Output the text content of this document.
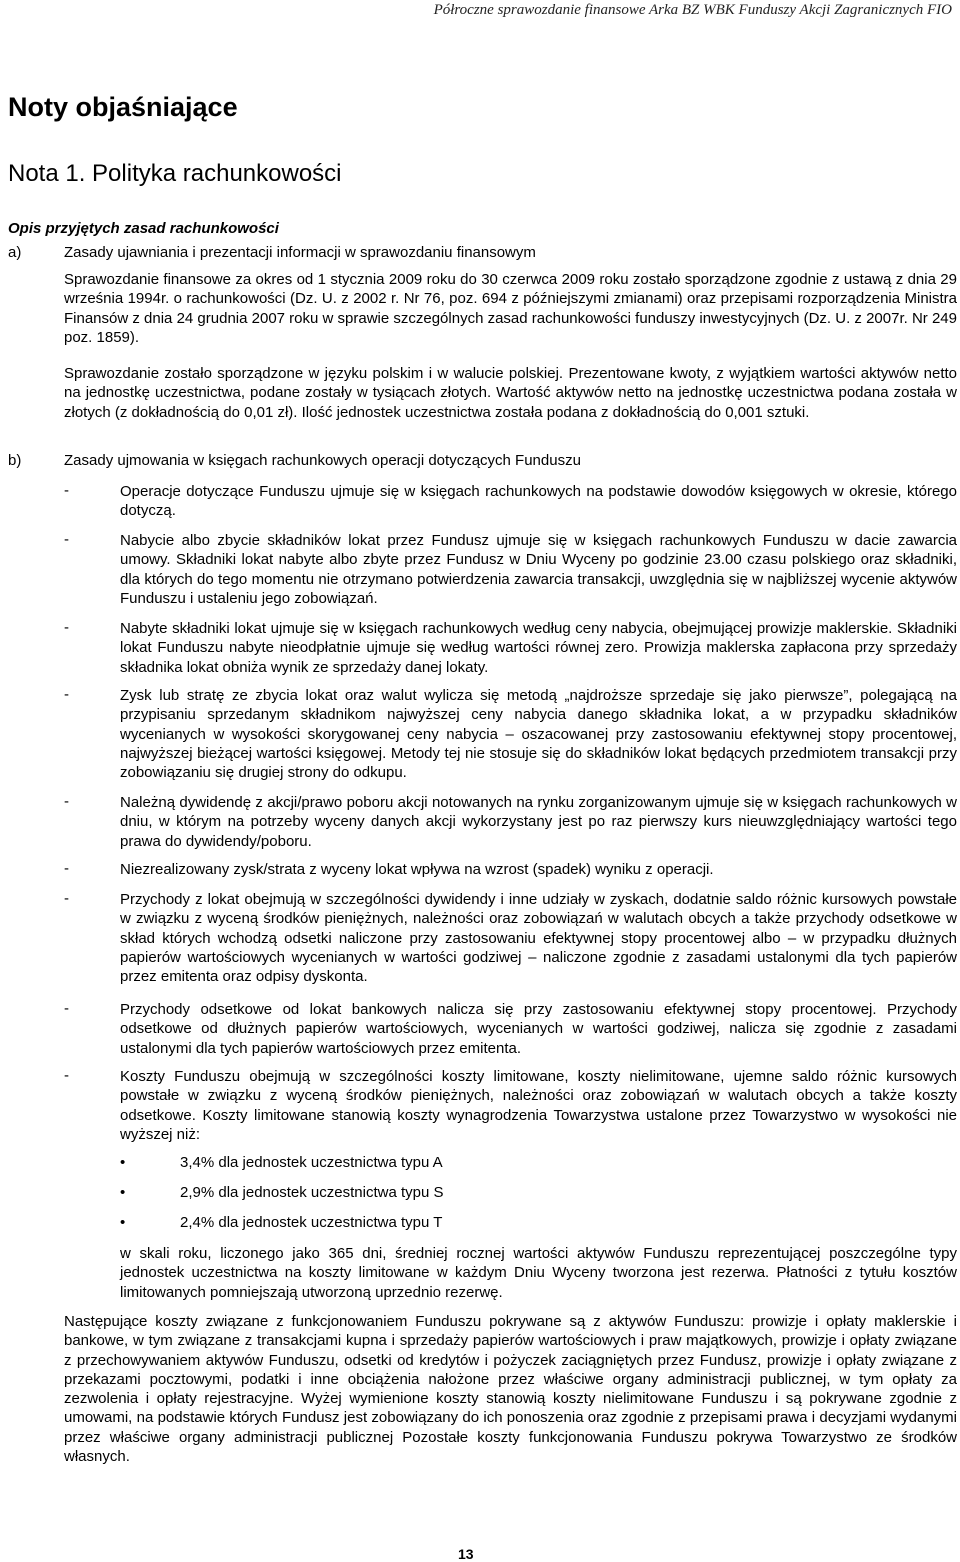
Półroczne sprawozdanie finansowe Arka BZ WBK Funduszy Akcji Zagranicznych FIO
Noty objaśniające
Nota 1. Polityka rachunkowości
Opis przyjętych zasad rachunkowości
a)	Zasady ujawniania i prezentacji informacji w sprawozdaniu finansowym

Sprawozdanie finansowe za okres od 1 stycznia 2009 roku do 30 czerwca 2009 roku zostało sporządzone zgodnie z ustawą z dnia 29 września 1994r. o rachunkowości (Dz. U. z 2002 r. Nr 76, poz. 694 z późniejszymi zmianami) oraz przepisami rozporządzenia Ministra Finansów z dnia 24 grudnia 2007 roku w sprawie szczególnych zasad rachunkowości funduszy inwestycyjnych (Dz. U. z 2007r. Nr 249 poz. 1859).

Sprawozdanie zostało sporządzone w języku polskim i w walucie polskiej. Prezentowane kwoty, z wyjątkiem wartości aktywów netto na jednostkę uczestnictwa, podane zostały w tysiącach złotych. Wartość aktywów netto na jednostkę uczestnictwa podana została w złotych (z dokładnością do 0,01 zł). Ilość jednostek uczestnictwa została podana z dokładnością do 0,001 sztuki.

b)	Zasady ujmowania w księgach rachunkowych operacji dotyczących Funduszu
-	Operacje dotyczące Funduszu ujmuje się w księgach rachunkowych na podstawie dowodów księgowych w okresie, którego dotyczą.

-	Nabycie albo zbycie składników lokat przez Fundusz ujmuje się w księgach rachunkowych Funduszu w dacie zawarcia umowy. Składniki lokat nabyte albo zbyte przez Fundusz w Dniu Wyceny po godzinie 23.00 czasu polskiego oraz składniki, dla których do tego momentu nie otrzymano potwierdzenia zawarcia transakcji, uwzględnia się w najbliższej wycenie aktywów Funduszu i ustaleniu jego zobowiązań.

-	Nabyte składniki lokat ujmuje się w księgach rachunkowych według ceny nabycia, obejmującej prowizje maklerskie. Składniki lokat Funduszu nabyte nieodpłatnie ujmuje się według wartości równej zero. Prowizja maklerska zapłacona przy sprzedaży składnika lokat obniża wynik ze sprzedaży danej lokaty.

-	Zysk lub stratę ze zbycia lokat oraz walut wylicza się metodą „najdroższe sprzedaje się jako pierwsze”, polegającą na przypisaniu sprzedanym składnikom najwyższej ceny nabycia danego składnika lokat, a w przypadku składników wycenianych w wysokości skorygowanej ceny nabycia – oszacowanej przy zastosowaniu efektywnej stopy procentowej, najwyższej bieżącej wartości księgowej. Metody tej nie stosuje się do składników lokat będących przedmiotem transakcji przy zobowiązaniu się drugiej strony do odkupu.

-	Należną dywidendę z akcji/prawo poboru akcji notowanych na rynku zorganizowanym ujmuje się w księgach rachunkowych w dniu, w którym na potrzeby wyceny danych akcji wykorzystany jest po raz pierwszy kurs nieuwzględniający wartości tego prawa do dywidendy/poboru.

-	Niezrealizowany zysk/strata z wyceny lokat wpływa na wzrost (spadek) wyniku z operacji.

-	Przychody z lokat obejmują w szczególności dywidendy i inne udziały w zyskach, dodatnie saldo różnic kursowych powstałe w związku z wyceną środków pieniężnych, należności oraz zobowiązań w walutach obcych a także przychody odsetkowe w skład których wchodzą odsetki naliczone przy zastosowaniu efektywnej stopy procentowej albo – w przypadku dłużnych papierów wartościowych wycenianych w wartości godziwej – naliczone zgodnie z zasadami ustalonymi dla tych papierów przez emitenta oraz odpisy dyskonta.

-	Przychody odsetkowe od lokat bankowych nalicza się przy zastosowaniu efektywnej stopy procentowej. Przychody odsetkowe od dłużnych papierów wartościowych, wycenianych w wartości godziwej, nalicza się zgodnie z zasadami ustalonymi dla tych papierów wartościowych przez emitenta.

-	Koszty Funduszu obejmują w szczególności koszty limitowane, koszty nielimitowane, ujemne saldo różnic kursowych powstałe w związku z wyceną środków pieniężnych, należności oraz zobowiązań w walutach obcych a także koszty odsetkowe. Koszty limitowane stanowią koszty wynagrodzenia Towarzystwa ustalone przez Towarzystwo w wysokości nie wyższej niż:

•	3,4% dla jednostek uczestnictwa typu A
•	2,9% dla jednostek uczestnictwa typu S
•	2,4% dla jednostek uczestnictwa typu T

w skali roku, liczonego jako 365 dni, średniej rocznej wartości aktywów Funduszu reprezentującej poszczególne typy jednostek uczestnictwa na koszty limitowane w każdym Dniu Wyceny tworzona jest rezerwa. Płatności z tytułu kosztów limitowanych pomniejszają utworzoną uprzednio rezerwę.

Następujące koszty związane z funkcjonowaniem Funduszu pokrywane są z aktywów Funduszu: prowizje i opłaty maklerskie i bankowe, w tym związane z transakcjami kupna i sprzedaży papierów wartościowych i praw majątkowych, prowizje i opłaty związane z przechowywaniem aktywów Funduszu, odsetki od kredytów i pożyczek zaciągniętych przez Fundusz, prowizje i opłaty związane z przekazami pocztowymi, podatki i inne obciążenia nałożone przez właściwe organy administracji publicznej, w tym opłaty za zezwolenia i opłaty rejestracyjne. Wyżej wymienione koszty stanowią koszty nielimitowane Funduszu i są pokrywane zgodnie z umowami, na podstawie których Fundusz jest zobowiązany do ich ponoszenia oraz zgodnie z przepisami prawa i decyzjami wydanymi przez właściwe organy administracji publicznej Pozostałe koszty funkcjonowania Funduszu pokrywa Towarzystwo ze środków własnych.

13
